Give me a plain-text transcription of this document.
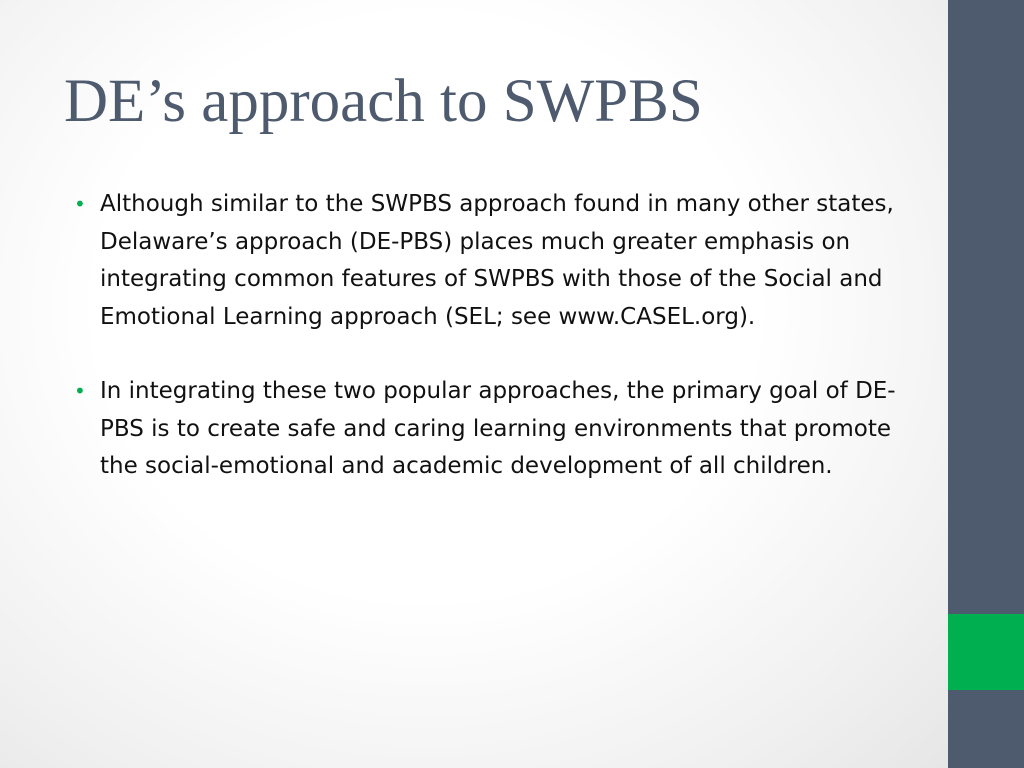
DE’s approach to SWPBS
• Although similar to the SWPBS approach found in many other states, Delaware’s approach (DE-PBS) places much greater emphasis on integrating common features of SWPBS with those of the Social and Emotional Learning approach (SEL; see www.CASEL.org).
• In integrating these two popular approaches, the primary goal of DE-PBS is to create safe and caring learning environments that promote the social-emotional and academic development of all children.
